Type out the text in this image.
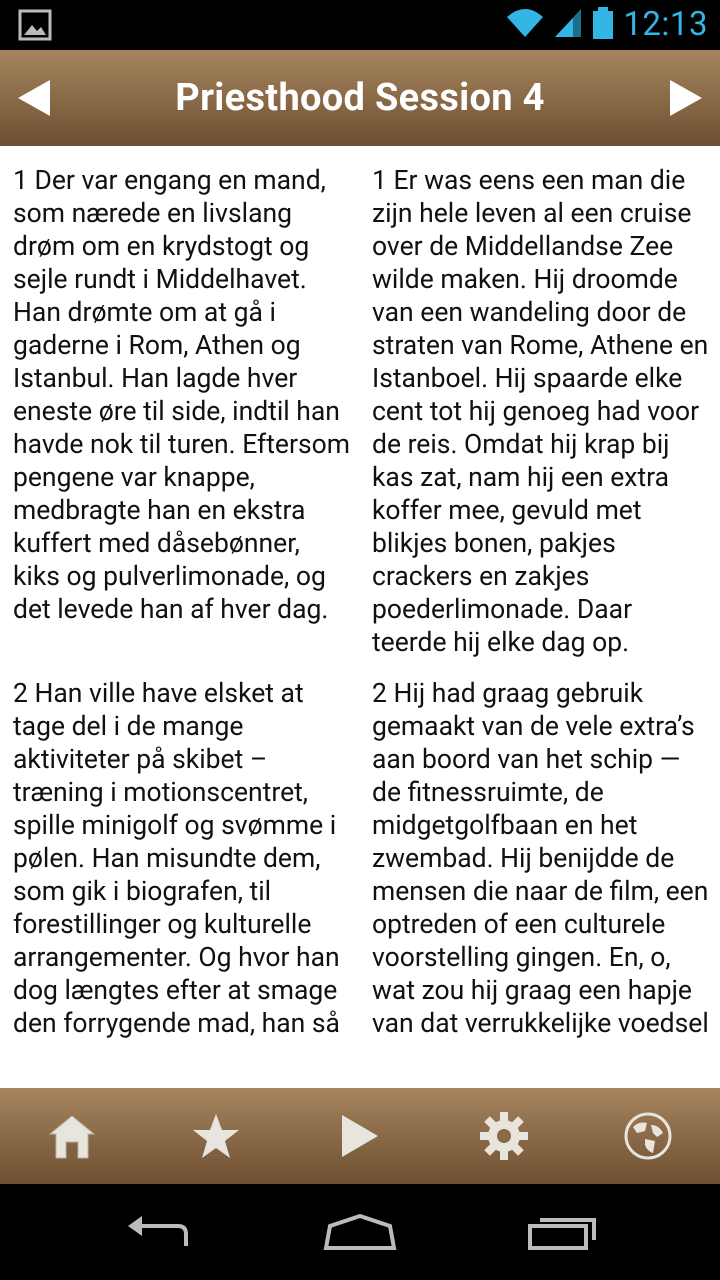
12:13
Priesthood Session 4
1 Der var engang en mand, som nærede en livslang drøm om en krydstogt og sejle rundt i Middelhavet. Han drømte om at gå i gaderne i Rom, Athen og Istanbul. Han lagde hver eneste øre til side, indtil han havde nok til turen. Eftersom pengene var knappe, medbragte han en ekstra kuffert med dåsebønner, kiks og pulverlimonade, og det levede han af hver dag.
1 Er was eens een man die zijn hele leven al een cruise over de Middellandse Zee wilde maken. Hij droomde van een wandeling door de straten van Rome, Athene en Istanboel. Hij spaarde elke cent tot hij genoeg had voor de reis. Omdat hij krap bij kas zat, nam hij een extra koffer mee, gevuld met blikjes bonen, pakjes crackers en zakjes poederlimonade. Daar teerde hij elke dag op.
2 Han ville have elsket at tage del i de mange aktiviteter på skibet – træning i motionscentret, spille minigolf og svømme i pølen. Han misundte dem, som gik i biografen, til forestillinger og kulturelle arrangementer. Og hvor han dog længtes efter at smage den forrygende mad, han så
2 Hij had graag gebruik gemaakt van de vele extra’s aan boord van het schip — de fitnessruimte, de midgetgolfbaan en het zwembad. Hij benijdde de mensen die naar de film, een optreden of een culturele voorstelling gingen. En, o, wat zou hij graag een hapje van dat verrukkelijke voedsel
